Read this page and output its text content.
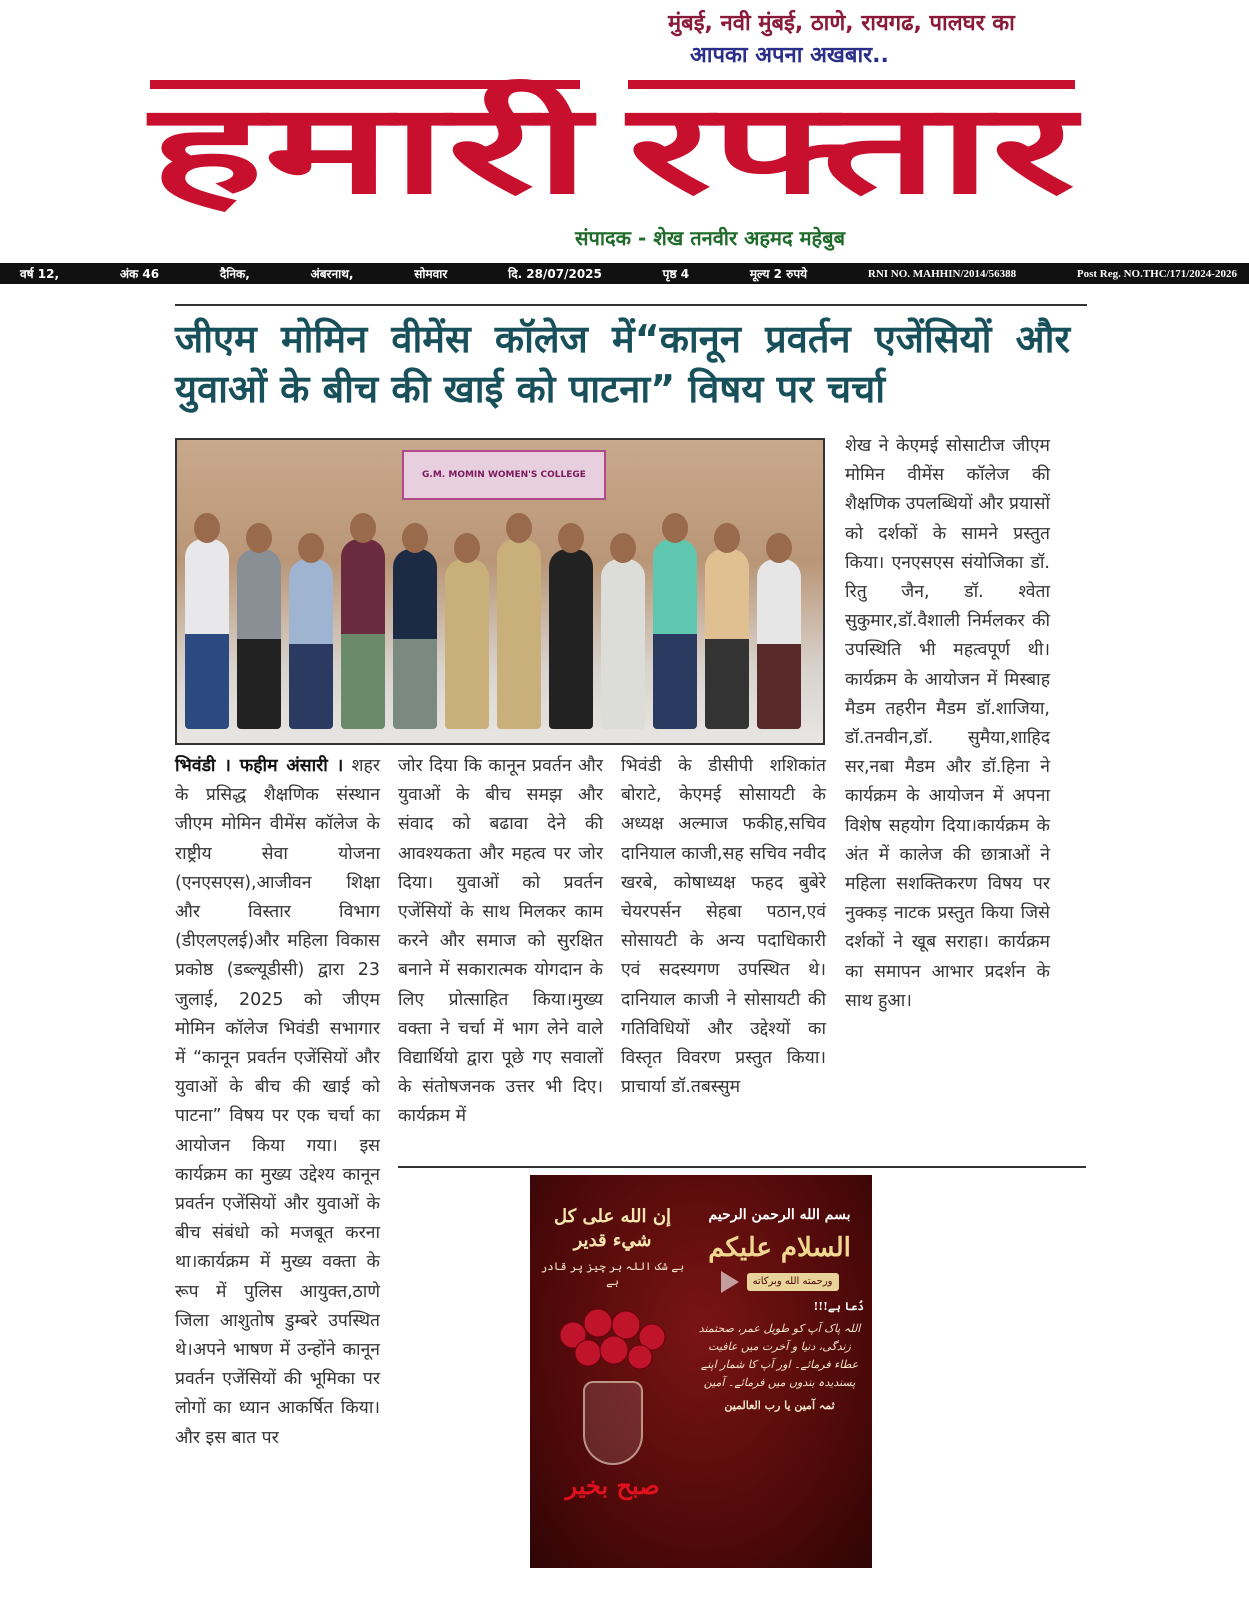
मुंबई, नवी मुंबई, ठाणे, रायगढ, पालघर का
आपका अपना अखबार..
हमारी रफ्तार
संपादक - शेख तनवीर अहमद महेबुब
वर्ष 12,	अंक 46	दैनिक,	अंबरनाथ,	सोमवार	दि. 28/07/2025	पृष्ठ 4	मूल्य 2 रुपये	RNI NO. MAHHIN/2014/56388	Post Reg. NO.THC/171/2024-2026
जीएम मोमिन वीमेंस कॉलेज में“कानून प्रवर्तन एजेंसियों और युवाओं के बीच की खाई को पाटना” विषय पर चर्चा
G.M. MOMIN WOMEN'S COLLEGE
भिवंडी । फहीम अंसारी । शहर के प्रसिद्ध शैक्षणिक संस्थान जीएम मोमिन वीमेंस कॉलेज के राष्ट्रीय सेवा योजना (एनएसएस),आजीवन शिक्षा और विस्तार विभाग (डीएलएलई)और महिला विकास प्रकोष्ठ (डब्ल्यूडीसी) द्वारा 23 जुलाई, 2025 को जीएम मोमिन कॉलेज भिवंडी सभागार में “कानून प्रवर्तन एजेंसियों और युवाओं के बीच की खाई को पाटना” विषय पर एक चर्चा का आयोजन किया गया। इस कार्यक्रम का मुख्य उद्देश्य कानून प्रवर्तन एजेंसियों और युवाओं के बीच संबंधो को मजबूत करना था।कार्यक्रम में मुख्य वक्ता के रूप में पुलिस आयुक्त,ठाणे जिला आशुतोष डुम्बरे उपस्थित थे।अपने भाषण में उन्होंने कानून प्रवर्तन एजेंसियों की भूमिका पर लोगों का ध्यान आकर्षित किया। और इस बात पर
जोर दिया कि कानून प्रवर्तन और युवाओं के बीच समझ और संवाद को बढावा देने की आवश्यकता और महत्व पर जोर दिया। युवाओं को प्रवर्तन एजेंसियों के साथ मिलकर काम करने और समाज को सुरक्षित बनाने में सकारात्मक योगदान के लिए प्रोत्साहित किया।मुख्य वक्ता ने चर्चा में भाग लेने वाले विद्यार्थियो द्वारा पूछे गए सवालों के संतोषजनक उत्तर भी दिए। कार्यक्रम में
भिवंडी के डीसीपी शशिकांत बोराटे, केएमई सोसायटी के अध्यक्ष अल्माज फकीह,सचिव दानियाल काजी,सह सचिव नवीद खरबे, कोषाध्यक्ष फहद बुबेरे चेयरपर्सन सेहबा पठान,एवं सोसायटी के अन्य पदाधिकारी एवं सदस्यगण उपस्थित थे।दानियाल काजी ने सोसायटी की गतिविधियों और उद्देश्यों का विस्तृत विवरण प्रस्तुत किया।प्राचार्या डॉ.तबस्सुम
शेख ने केएमई सोसाटीज जीएम मोमिन वीमेंस कॉलेज की शैक्षणिक उपलब्धियों और प्रयासों को दर्शकों के सामने प्रस्तुत किया। एनएसएस संयोजिका डॉ. रितु जैन, डॉ. श्वेता सुकुमार,डॉ.वैशाली निर्मलकर की उपस्थिति भी महत्वपूर्ण थी।कार्यक्रम के आयोजन में मिस्बाह मैडम तहरीन मैडम डॉ.शाजिया, डॉ.तनवीन,डॉ. सुमैया,शाहिद सर,नबा मैडम और डॉ.हिना ने कार्यक्रम के आयोजन में अपना विशेष सहयोग दिया।कार्यक्रम के अंत में कालेज की छात्राओं ने महिला सशक्तिकरण विषय पर नुक्कड़ नाटक प्रस्तुत किया जिसे दर्शकों ने खूब सराहा। कार्यक्रम का समापन आभार प्रदर्शन के साथ हुआ।
إن الله على كل شيء قدير
بے شک اللہ ہر چیز پر قادر ہے
صبح بخیر
بسم الله الرحمن الرحيم
السلام علیکم
ورحمته الله وبرکاته
دُعا ہے!!!
اللہ پاک آپ کو طویل عمر، صحتمند زندگی، دنیا و آخرت میں عافیت عطاء فرمائے۔ اور آپ کا شمار اپنے پسندیدہ بندوں میں فرمائے۔ آمین
ثمہ آمین یا رب العالمین
